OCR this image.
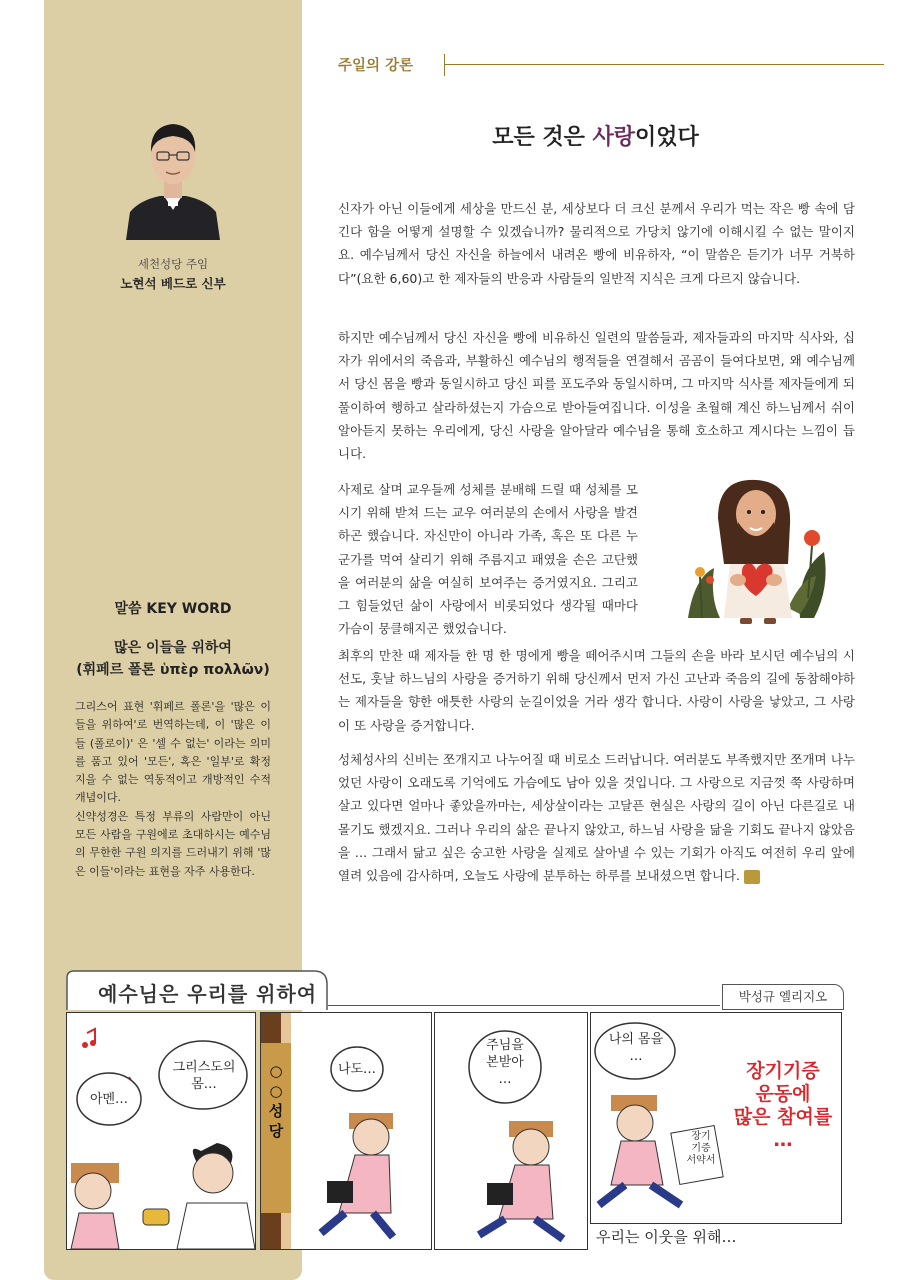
세천성당 주임
노현석 베드로 신부
말씀 KEY WORD
많은 이들을 위하여
(휘페르 폴론 ὑπὲρ πολλῶν)

그리스어 표현 '휘페르 폴론'을 '많은 이들을 위하여'로 번역하는데, 이 '많은 이들 (폴로이)' 은 '셀 수 없는' 이라는 의미를 품고 있어 '모든', 혹은 '일부'로 확정 지을 수 없는 역동적이고 개방적인 수적 개념이다.

신약성경은 특정 부류의 사람만이 아닌 모든 사람을 구원에로 초대하시는 예수님의 무한한 구원 의지를 드러내기 위해 '많은 이들'이라는 표현을 자주 사용한다.

주일의 강론
모든 것은 사랑이었다

신자가 아닌 이들에게 세상을 만드신 분, 세상보다 더 크신 분께서 우리가 먹는 작은 빵 속에 담긴다 함을 어떻게 설명할 수 있겠습니까? 물리적으로 가당치 않기에 이해시킬 수 없는 말이지요. 예수님께서 당신 자신을 하늘에서 내려온 빵에 비유하자, “이 말씀은 듣기가 너무 거북하다”(요한 6,60)고 한 제자들의 반응과 사람들의 일반적 지식은 크게 다르지 않습니다.

하지만 예수님께서 당신 자신을 빵에 비유하신 일련의 말씀들과, 제자들과의 마지막 식사와, 십자가 위에서의 죽음과, 부활하신 예수님의 행적들을 연결해서 곰곰이 들여다보면, 왜 예수님께서 당신 몸을 빵과 동일시하고 당신 피를 포도주와 동일시하며, 그 마지막 식사를 제자들에게 되풀이하여 행하고 살라하셨는지 가슴으로 받아들여집니다. 이성을 초월해 계신 하느님께서 쉬이 알아듣지 못하는 우리에게, 당신 사랑을 알아달라 예수님을 통해 호소하고 계시다는 느낌이 듭니다.

사제로 살며 교우들께 성체를 분배해 드릴 때 성체를 모시기 위해 받쳐 드는 교우 여러분의 손에서 사랑을 발견하곤 했습니다. 자신만이 아니라 가족, 혹은 또 다른 누군가를 먹여 살리기 위해 주름지고 패였을 손은 고단했을 여러분의 삶을 여실히 보여주는 증거였지요. 그리고 그 힘들었던 삶이 사랑에서 비롯되었다 생각될 때마다 가슴이 뭉클해지곤 했었습니다.

최후의 만찬 때 제자들 한 명 한 명에게 빵을 떼어주시며 그들의 손을 바라 보시던 예수님의 시선도, 훗날 하느님의 사랑을 증거하기 위해 당신께서 먼저 가신 고난과 죽음의 길에 동참해야하는 제자들을 향한 애틋한 사랑의 눈길이었을 거라 생각 합니다. 사랑이 사랑을 낳았고, 그 사랑이 또 사랑을 증거합니다.

성체성사의 신비는 쪼개지고 나누어질 때 비로소 드러납니다. 여러분도 부족했지만 쪼개며 나누었던 사랑이 오래도록 기억에도 가슴에도 남아 있을 것입니다. 그 사랑으로 지금껏 쭉 사랑하며 살고 있다면 얼마나 좋았을까마는, 세상살이라는 고달픈 현실은 사랑의 길이 아닌 다른길로 내몰기도 했겠지요. 그러나 우리의 삶은 끝나지 않았고, 하느님 사랑을 닮을 기회도 끝나지 않았음을 … 그래서 닮고 싶은 숭고한 사랑을 실제로 살아낼 수 있는 기회가 아직도 여전히 우리 앞에 열려 있음에 감사하며, 오늘도 사랑에 분투하는 하루를 보내셨으면 합니다.

예수님은 우리를 위하여	박성규 엘리지오
아멘…
그리스도의
몸…
○○성당
나도…
주님을
본받아
…
나의 몸을
…
장기
기증
서약서
장기기증
운동에
많은 참여를
…
우리는 이웃을 위해…
